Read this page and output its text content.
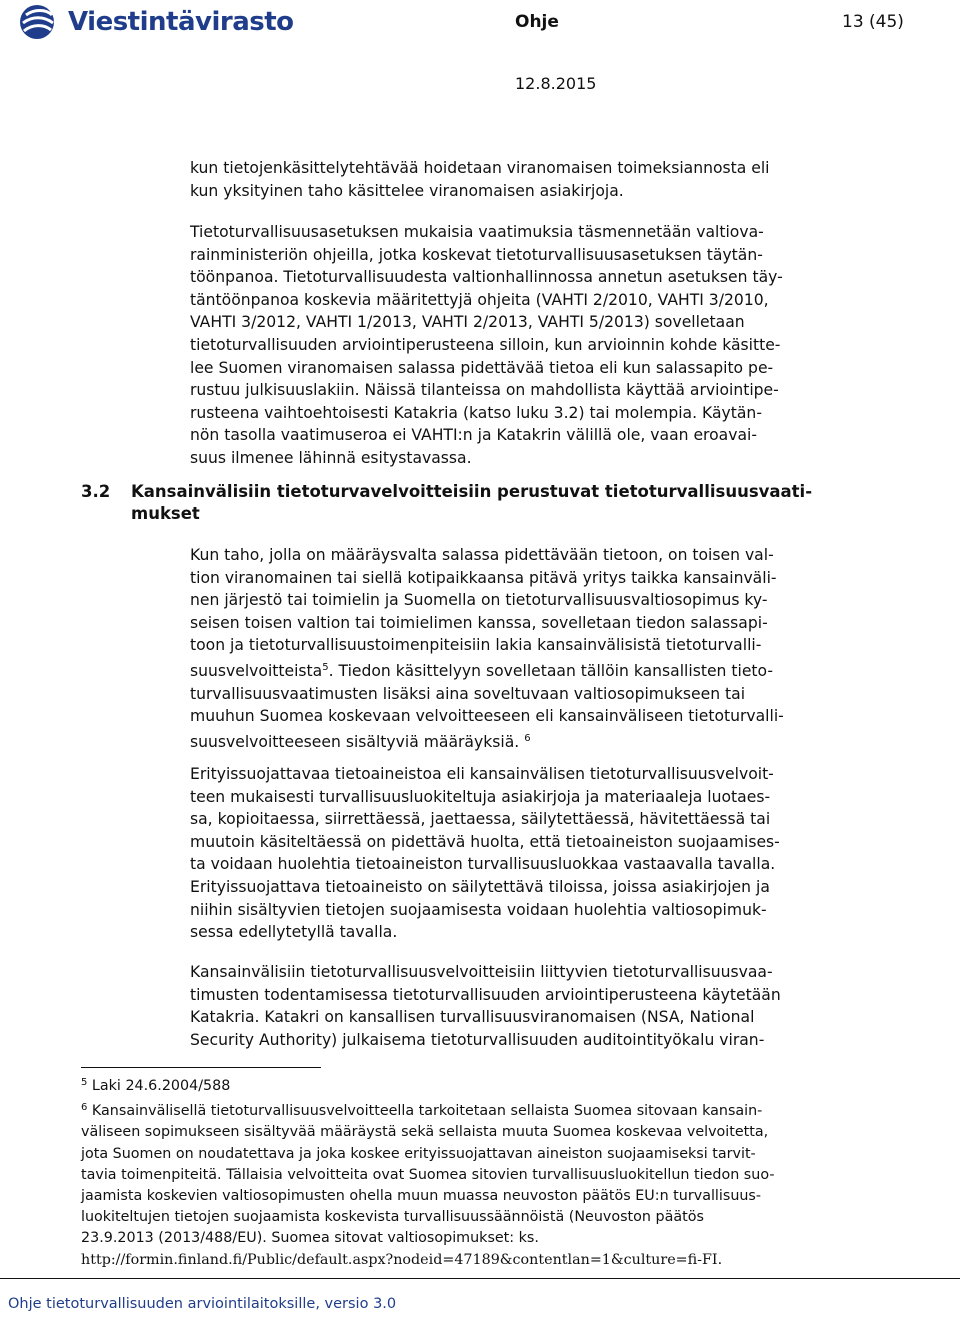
Viestintävirasto	Ohje	13 (45)
12.8.2015

kun tietojenkäsittelytehtävää hoidetaan viranomaisen toimeksiannosta eli

kun yksityinen taho käsittelee viranomaisen asiakirjoja.

Tietoturvallisuusasetuksen mukaisia vaatimuksia täsmennetään valtiova-

rainministeriön ohjeilla, jotka koskevat tietoturvallisuusasetuksen täytän-

töönpanoa. Tietoturvallisuudesta valtionhallinnossa annetun asetuksen täy-

täntöönpanoa koskevia määritettyjä ohjeita (VAHTI 2/2010, VAHTI 3/2010,

VAHTI 3/2012, VAHTI 1/2013, VAHTI 2/2013, VAHTI 5/2013) sovelletaan

tietoturvallisuuden arviointiperusteena silloin, kun arvioinnin kohde käsitte-

lee Suomen viranomaisen salassa pidettävää tietoa eli kun salassapito pe-

rustuu julkisuuslakiin. Näissä tilanteissa on mahdollista käyttää arviointipe-

rusteena vaihtoehtoisesti Katakria (katso luku 3.2) tai molempia. Käytän-

nön tasolla vaatimuseroa ei VAHTI:n ja Katakrin välillä ole, vaan eroavai-

suus ilmenee lähinnä esitystavassa.

3.2 Kansainvälisiin tietoturvavelvoitteisiin perustuvat tietoturvallisuusvaati-
mukset

Kun taho, jolla on määräysvalta salassa pidettävään tietoon, on toisen val-

tion viranomainen tai siellä kotipaikkaansa pitävä yritys taikka kansainväli-

nen järjestö tai toimielin ja Suomella on tietoturvallisuusvaltiosopimus ky-

seisen toisen valtion tai toimielimen kanssa, sovelletaan tiedon salassapi-

toon ja tietoturvallisuustoimenpiteisiin lakia kansainvälisistä tietoturvalli-

suusvelvoitteista$^5$. Tiedon käsittelyyn sovelletaan tällöin kansallisten tieto-

turvallisuusvaatimusten lisäksi aina soveltuvaan valtiosopimukseen tai

muuhun Suomea koskevaan velvoitteeseen eli kansainväliseen tietoturvalli-

suusvelvoitteeseen sisältyviä määräyksiä. $^6$

Erityissuojattavaa tietoaineistoa eli kansainvälisen tietoturvallisuusvelvoit-

teen mukaisesti turvallisuusluokiteltuja asiakirjoja ja materiaaleja luotaes-

sa, kopioitaessa, siirrettäessä, jaettaessa, säilytettäessä, hävitettäessä tai

muutoin käsiteltäessä on pidettävä huolta, että tietoaineiston suojaamises-

ta voidaan huolehtia tietoaineiston turvallisuusluokkaa vastaavalla tavalla.

Erityissuojattava tietoaineisto on säilytettävä tiloissa, joissa asiakirjojen ja

niihin sisältyvien tietojen suojaamisesta voidaan huolehtia valtiosopimuk-

sessa edellytetyllä tavalla.

Kansainvälisiin tietoturvallisuusvelvoitteisiin liittyvien tietoturvallisuusvaa-

timusten todentamisessa tietoturvallisuuden arviointiperusteena käytetään

Katakria. Katakri on kansallisen turvallisuusviranomaisen (NSA, National

Security Authority) julkaisema tietoturvallisuuden auditointityökalu viran-

$^5$ Laki 24.6.2004/588

$^6$ Kansainvälisellä tietoturvallisuusvelvoitteella tarkoitetaan sellaista Suomea sitovaan kansain-

väliseen sopimukseen sisältyvää määräystä sekä sellaista muuta Suomea koskevaa velvoitetta,

jota Suomen on noudatettava ja joka koskee erityissuojattavan aineiston suojaamiseksi tarvit-

tavia toimenpiteitä. Tällaisia velvoitteita ovat Suomea sitovien turvallisuusluokitellun tiedon suo-

jaamista koskevien valtiosopimusten ohella muun muassa neuvoston päätös EU:n turvallisuus-

luokiteltujen tietojen suojaamista koskevista turvallisuussäännöistä (Neuvoston päätös

23.9.2013 (2013/488/EU). Suomea sitovat valtiosopimukset: ks.

http://formin.finland.fi/Public/default.aspx?nodeid=47189&contentlan=1&culture=fi-FI.

Ohje tietoturvallisuuden arviointilaitoksille, versio 3.0
